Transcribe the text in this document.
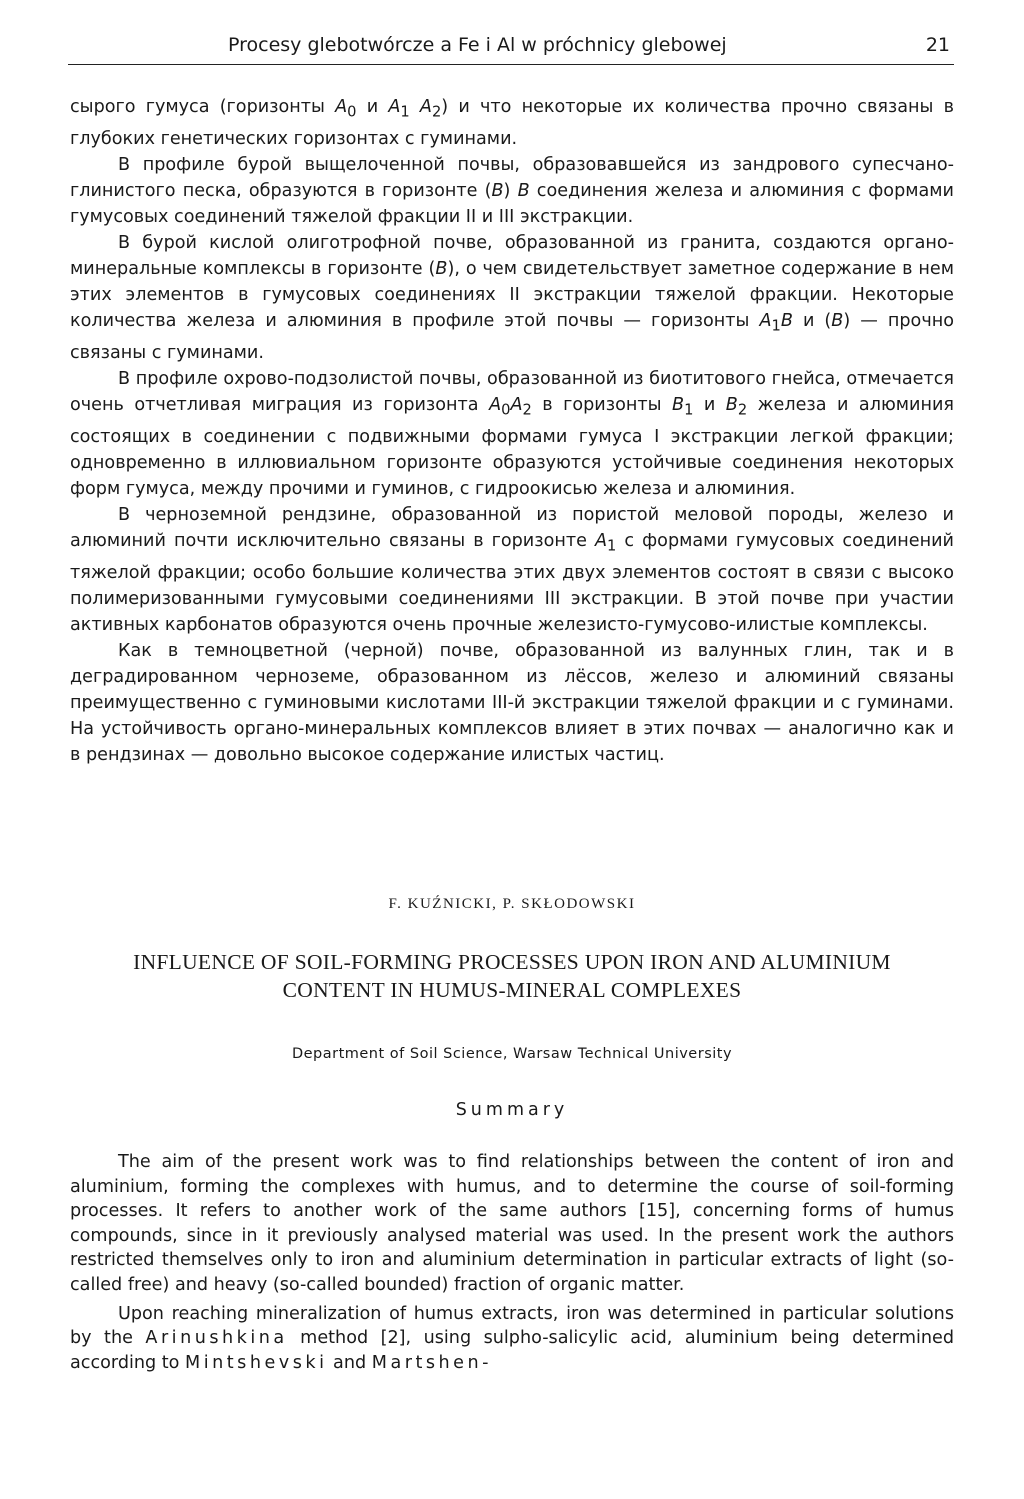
Procesy glebotwórcze a Fe i Al w próchnicy glebowej	21

сырого гумуса (горизонты $A_0$ и $A_1$ $A_2$) и что некоторые их количества прочно связаны в глубоких генетических горизонтах с гуминами.

В профиле бурой выщелоченной почвы, образовавшейся из зандрового супесчано-глинистого песка, образуются в горизонте (B) B соединения железа и алюминия с формами гумусовых соединений тяжелой фракции II и III экстракции.

В бурой кислой олиготрофной почве, образованной из гранита, создаются органо-минеральные комплексы в горизонте (B), о чем свидетельствует заметное содержание в нем этих элементов в гумусовых соединениях II экстракции тяжелой фракции. Некоторые количества железа и алюминия в профиле этой почвы — горизонты $A_1B$ и (B) — прочно связаны с гуминами.

В профиле охрово-подзолистой почвы, образованной из биотитового гнейса, отмечается очень отчетливая миграция из горизонта $A_0A_2$ в горизонты $B_1$ и $B_2$ железа и алюминия состоящих в соединении с подвижными формами гумуса I экстракции легкой фракции; одновременно в иллювиальном горизонте образуются устойчивые соединения некоторых форм гумуса, между прочими и гуминов, с гидроокисью железа и алюминия.

В черноземной рендзине, образованной из пористой меловой породы, железо и алюминий почти исключительно связаны в горизонте $A_1$ с формами гумусовых соединений тяжелой фракции; особо большие количества этих двух элементов состоят в связи с высоко полимеризованными гумусовыми соединениями III экстракции. В этой почве при участии активных карбонатов образуются очень прочные железисто-гумусово-илистые комплексы.

Как в темноцветной (черной) почве, образованной из валунных глин, так и в деградированном черноземе, образованном из лёссов, железо и алюминий связаны преимущественно с гуминовыми кислотами III-й экстракции тяжелой фракции и с гуминами. На устойчивость органо-минеральных комплексов влияет в этих почвах — аналогично как и в рендзинах — довольно высокое содержание илистых частиц.

F. KUŹNICKI, P. SKŁODOWSKI
INFLUENCE OF SOIL-FORMING PROCESSES UPON IRON AND ALUMINIUM
CONTENT IN HUMUS-MINERAL COMPLEXES
Department of Soil Science, Warsaw Technical University
Summary

The aim of the present work was to find relationships between the content of iron and aluminium, forming the complexes with humus, and to determine the course of soil-forming processes. It refers to another work of the same authors [15], concerning forms of humus compounds, since in it previously analysed material was used. In the present work the authors restricted themselves only to iron and aluminium determination in particular extracts of light (so-called free) and heavy (so-called bounded) fraction of organic matter.

Upon reaching mineralization of humus extracts, iron was determined in particular solutions by the Arinushkina method [2], using sulpho-salicylic acid, aluminium being determined according to Mintshevski and Martshen-
